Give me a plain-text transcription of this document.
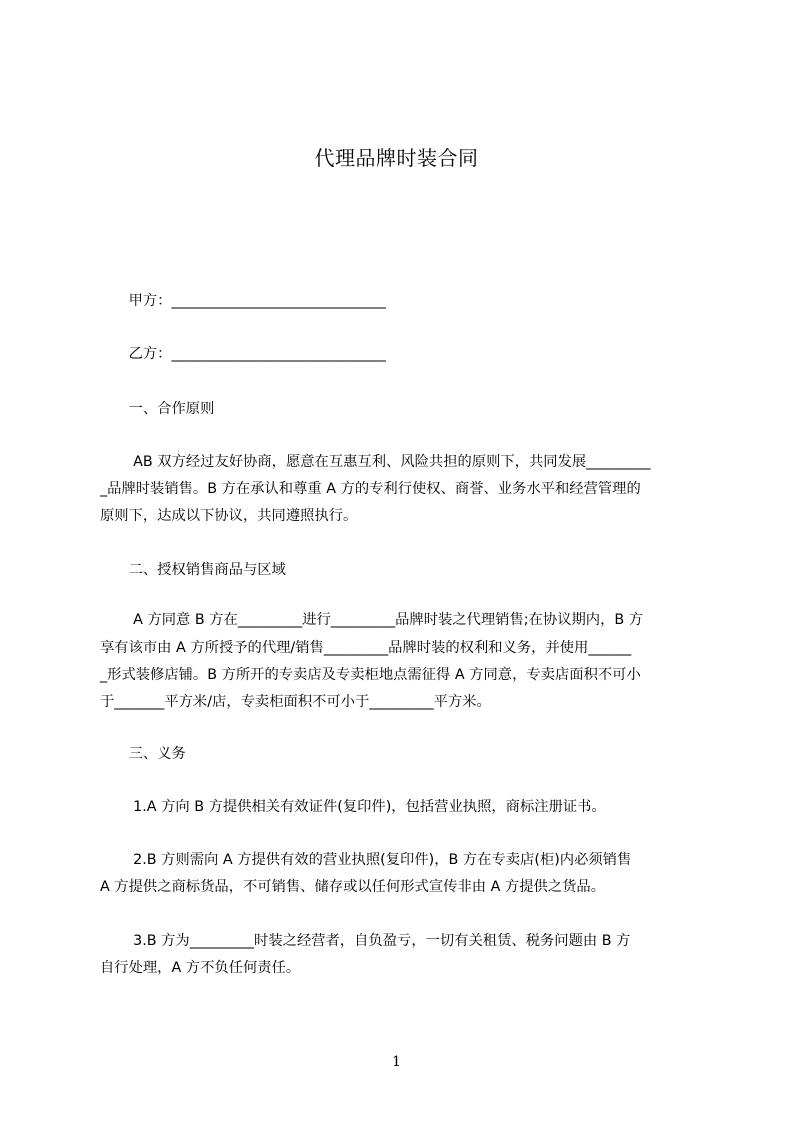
代理品牌时装合同
　　甲方：______________________________
　　乙方：______________________________
　　一、合作原则
　　 AB 双方经过友好协商，愿意在互惠互利、风险共担的原则下，共同发展_________
_品牌时装销售。B 方在承认和尊重 A 方的专利行使权、商誉、业务水平和经营管理的
原则下，达成以下协议，共同遵照执行。
　　二、授权销售商品与区域
　　 A 方同意 B 方在_________进行_________品牌时装之代理销售;在协议期内，B 方
享有该市由 A 方所授予的代理/销售_________品牌时装的权利和义务，并使用______
_形式装修店铺。B 方所开的专卖店及专卖柜地点需征得 A 方同意，专卖店面积不可小
于_______平方米/店，专卖柜面积不可小于_________平方米。
　　三、义务
　　 1.A 方向 B 方提供相关有效证件(复印件)，包括营业执照，商标注册证书。
　　 2.B 方则需向 A 方提供有效的营业执照(复印件)，B 方在专卖店(柜)内必须销售
A 方提供之商标货品，不可销售、储存或以任何形式宣传非由 A 方提供之货品。
　　 3.B 方为_________时装之经营者，自负盈亏，一切有关租赁、税务问题由 B 方
自行处理，A 方不负任何责任。
1
